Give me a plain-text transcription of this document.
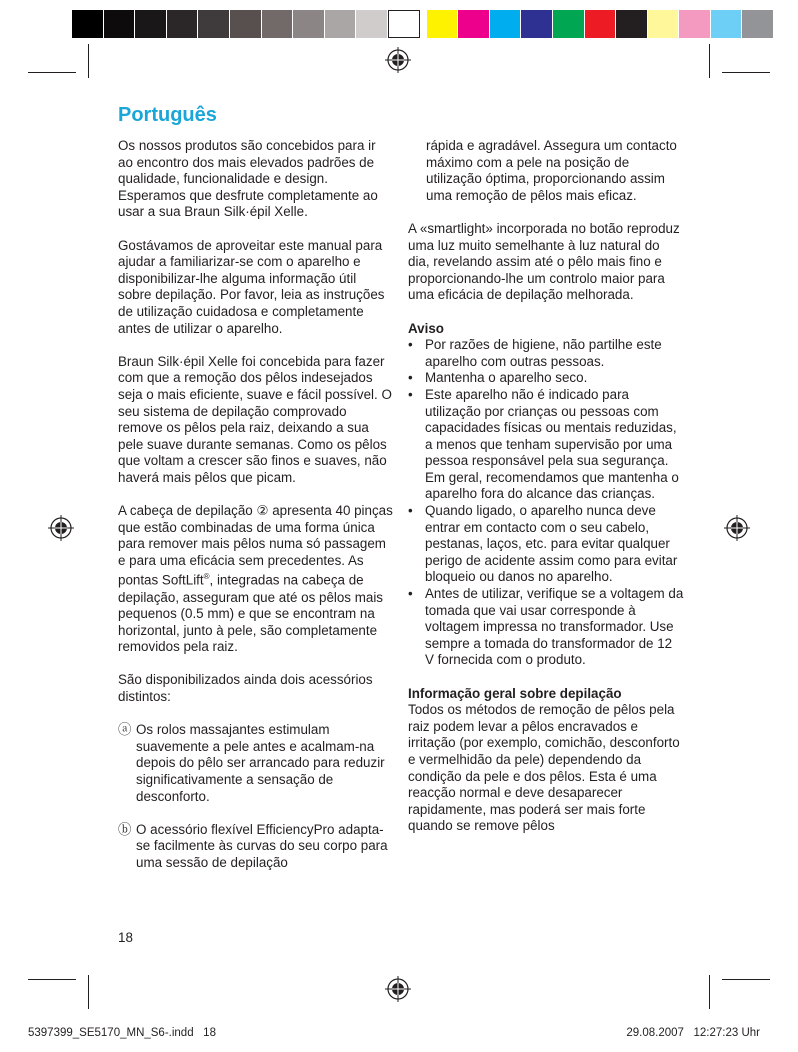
Português

Os nossos produtos são concebidos para ir ao encontro dos mais elevados padrões de qualidade, funcionalidade e design. Esperamos que desfrute completamente ao usar a sua Braun Silk·épil Xelle.

Gostávamos de aproveitar este manual para ajudar a familiarizar-se com o aparelho e disponibilizar-lhe alguma informação útil sobre depilação. Por favor, leia as instruções de utilização cuidadosa e completamente antes de utilizar o aparelho.

Braun Silk·épil Xelle foi concebida para fazer com que a remoção dos pêlos indesejados seja o mais eficiente, suave e fácil possível. O seu sistema de depilação comprovado remove os pêlos pela raiz, deixando a sua pele suave durante semanas. Como os pêlos que voltam a crescer são finos e suaves, não haverá mais pêlos que picam.

A cabeça de depilação ② apresenta 40 pinças que estão combinadas de uma forma única para remover mais pêlos numa só passagem e para uma eficácia sem precedentes. As pontas SoftLift®, integradas na cabeça de depilação, asseguram que até os pêlos mais pequenos (0.5 mm) e que se encontram na horizontal, junto à pele, são completamente removidos pela raiz.

São disponibilizados ainda dois acessórios distintos:

ⓐ Os rolos massajantes estimulam suavemente a pele antes e acalmam-na depois do pêlo ser arrancado para reduzir significativamente a sensação de desconforto.
ⓑ O acessório flexível EfficiencyPro adapta-se facilmente às curvas do seu corpo para uma sessão de depilação

rápida e agradável. Assegura um contacto máximo com a pele na posição de utilização óptima, proporcionando assim uma remoção de pêlos mais eficaz.

A «smartlight» incorporada no botão reproduz uma luz muito semelhante à luz natural do dia, revelando assim até o pêlo mais fino e proporcionando-lhe um controlo maior para uma eficácia de depilação melhorada.

Aviso
• Por razões de higiene, não partilhe este aparelho com outras pessoas.
• Mantenha o aparelho seco.
• Este aparelho não é indicado para utilização por crianças ou pessoas com capacidades físicas ou mentais reduzidas, a menos que tenham supervisão por uma pessoa responsável pela sua segurança. Em geral, recomendamos que mantenha o aparelho fora do alcance das crianças.
• Quando ligado, o aparelho nunca deve entrar em contacto com o seu cabelo, pestanas, laços, etc. para evitar qualquer perigo de acidente assim como para evitar bloqueio ou danos no aparelho.
• Antes de utilizar, verifique se a voltagem da tomada que vai usar corresponde à voltagem impressa no transformador. Use sempre a tomada do transformador de 12 V fornecida com o produto.
Informação geral sobre depilação

Todos os métodos de remoção de pêlos pela raiz podem levar a pêlos encravados e irritação (por exemplo, comichão, desconforto e vermelhidão da pele) dependendo da condição da pele e dos pêlos. Esta é uma reacção normal e deve desaparecer rapidamente, mas poderá ser mais forte quando se remove pêlos

18
5397399_SE5170_MN_S6-.indd   18	29.08.2007   12:27:23 Uhr
